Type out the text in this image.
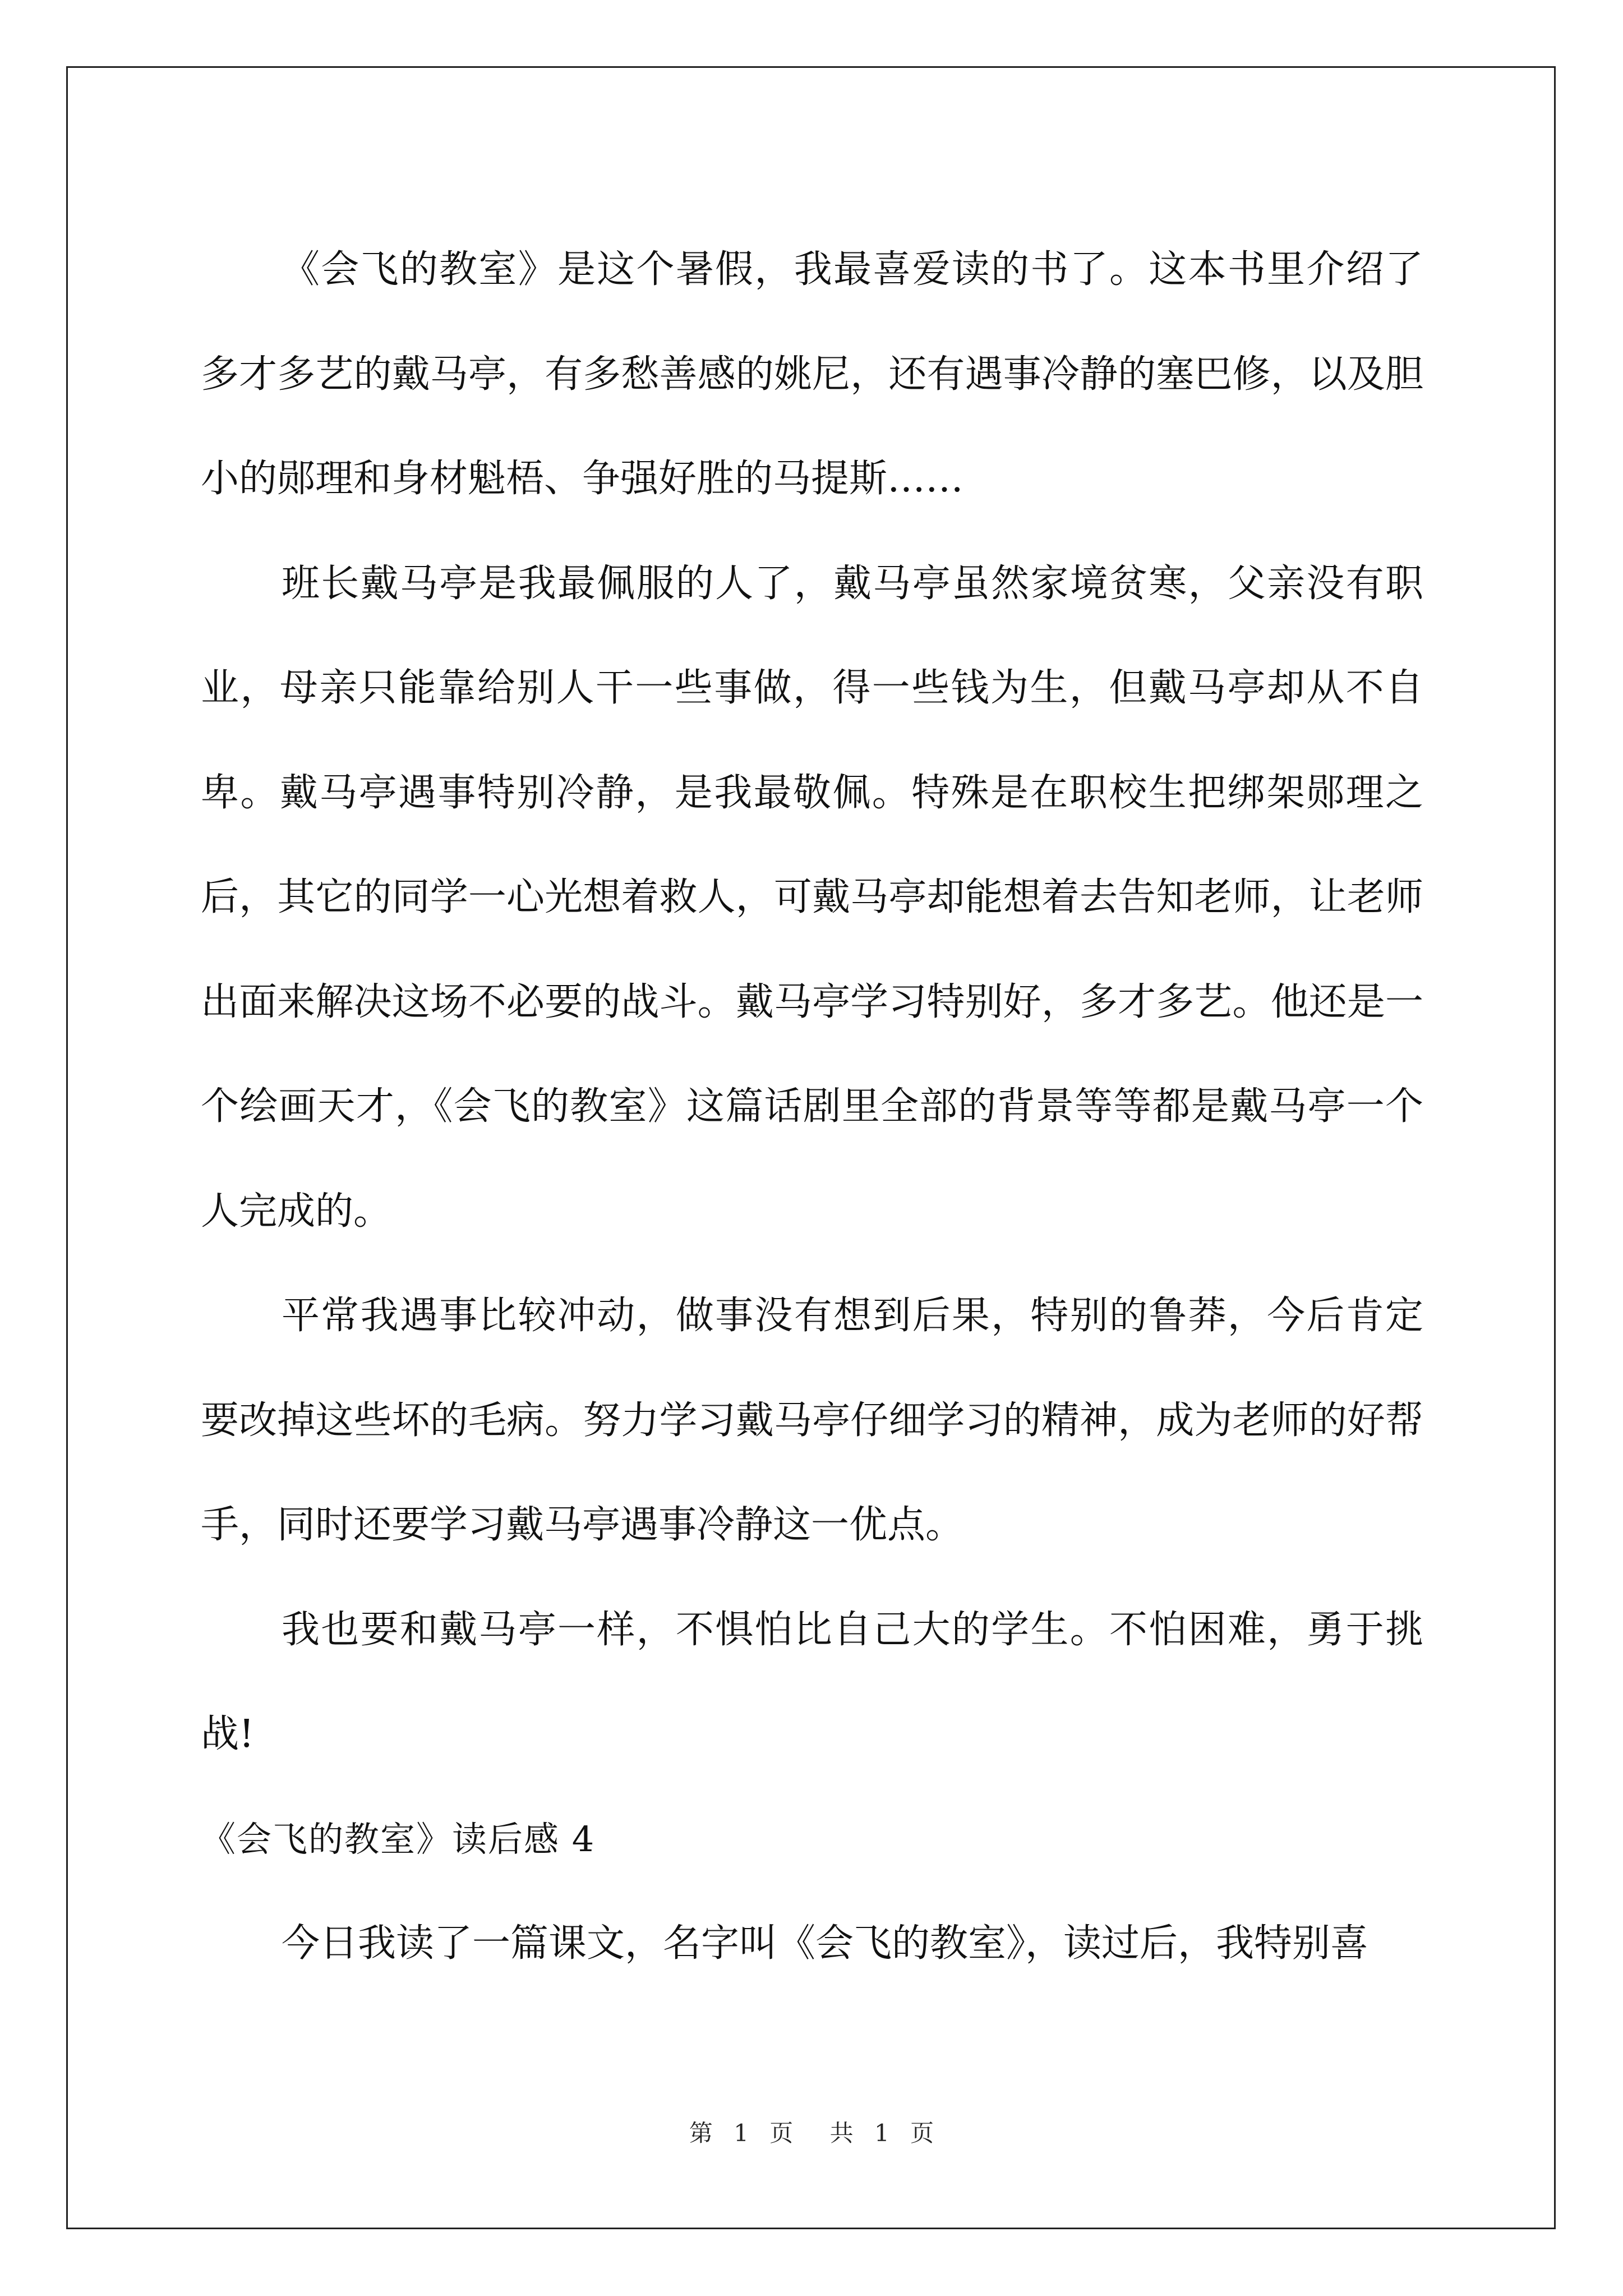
《会飞的教室》是这个暑假，我最喜爱读的书了。这本书里介绍了多才多艺的戴马亭，有多愁善感的姚尼，还有遇事冷静的塞巴修，以及胆小的郧理和身材魁梧、争强好胜的马提斯……

班长戴马亭是我最佩服的人了，戴马亭虽然家境贫寒，父亲没有职业，母亲只能靠给别人干一些事做，得一些钱为生，但戴马亭却从不自卑。戴马亭遇事特别冷静，是我最敬佩。特殊是在职校生把绑架郧理之后，其它的同学一心光想着救人，可戴马亭却能想着去告知老师，让老师出面来解决这场不必要的战斗。戴马亭学习特别好，多才多艺。他还是一个绘画天才，《会飞的教室》这篇话剧里全部的背景等等都是戴马亭一个人完成的。

平常我遇事比较冲动，做事没有想到后果，特别的鲁莽，今后肯定要改掉这些坏的毛病。努力学习戴马亭仔细学习的精神，成为老师的好帮手，同时还要学习戴马亭遇事冷静这一优点。

我也要和戴马亭一样，不惧怕比自己大的学生。不怕困难，勇于挑战!

《会飞的教室》读后感 4

今日我读了一篇课文，名字叫《会飞的教室》，读过后，我特别喜

第 1 页 共 1 页
